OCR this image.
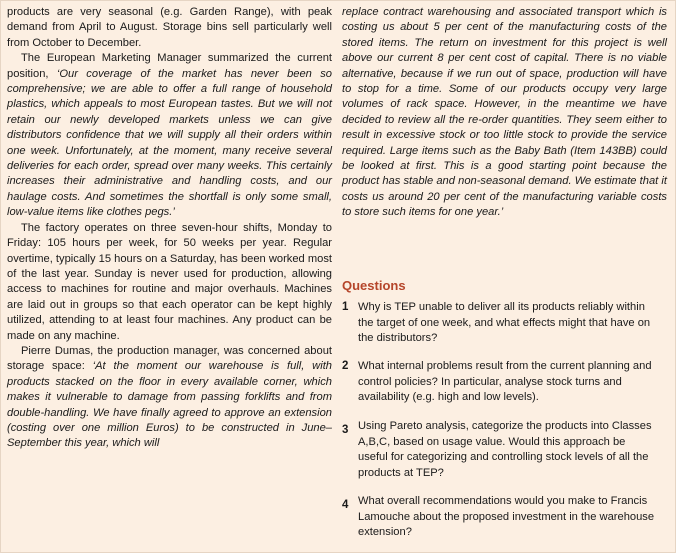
products are very seasonal (e.g. Garden Range), with peak demand from April to August. Storage bins sell particularly well from October to December.

The European Marketing Manager summarized the current position, ‘Our coverage of the market has never been so comprehensive; we are able to offer a full range of household plastics, which appeals to most European tastes. But we will not retain our newly developed markets unless we can give distributors confidence that we will supply all their orders within one week. Unfortunately, at the moment, many receive several deliveries for each order, spread over many weeks. This certainly increases their administrative and handling costs, and our haulage costs. And sometimes the shortfall is only some small, low-value items like clothes pegs.’

The factory operates on three seven-hour shifts, Monday to Friday: 105 hours per week, for 50 weeks per year. Regular overtime, typically 15 hours on a Saturday, has been worked most of the last year. Sunday is never used for production, allowing access to machines for routine and major overhauls. Machines are laid out in groups so that each operator can be kept highly utilized, attending to at least four machines. Any product can be made on any machine.

Pierre Dumas, the production manager, was concerned about storage space: ‘At the moment our warehouse is full, with products stacked on the floor in every available corner, which makes it vulnerable to damage from passing forklifts and from double-handling. We have finally agreed to approve an extension (costing over one million Euros) to be constructed in June–September this year, which will

replace contract warehousing and associated transport which is costing us about 5 per cent of the manufacturing costs of the stored items. The return on investment for this project is well above our current 8 per cent cost of capital. There is no viable alternative, because if we run out of space, production will have to stop for a time. Some of our products occupy very large volumes of rack space. However, in the meantime we have decided to review all the re-order quantities. They seem either to result in excessive stock or too little stock to provide the service required. Large items such as the Baby Bath (Item 143BB) could be looked at first. This is a good starting point because the product has stable and non-seasonal demand. We estimate that it costs us around 20 per cent of the manufacturing variable costs to store such items for one year.’

Questions
1 Why is TEP unable to deliver all its products reliably within the target of one week, and what effects might that have on the distributors?
2 What internal problems result from the current planning and control policies? In particular, analyse stock turns and availability (e.g. high and low levels).
3 Using Pareto analysis, categorize the products into Classes A,B,C, based on usage value. Would this approach be useful for categorizing and controlling stock levels of all the products at TEP?
4 What overall recommendations would you make to Francis Lamouche about the proposed investment in the warehouse extension?
